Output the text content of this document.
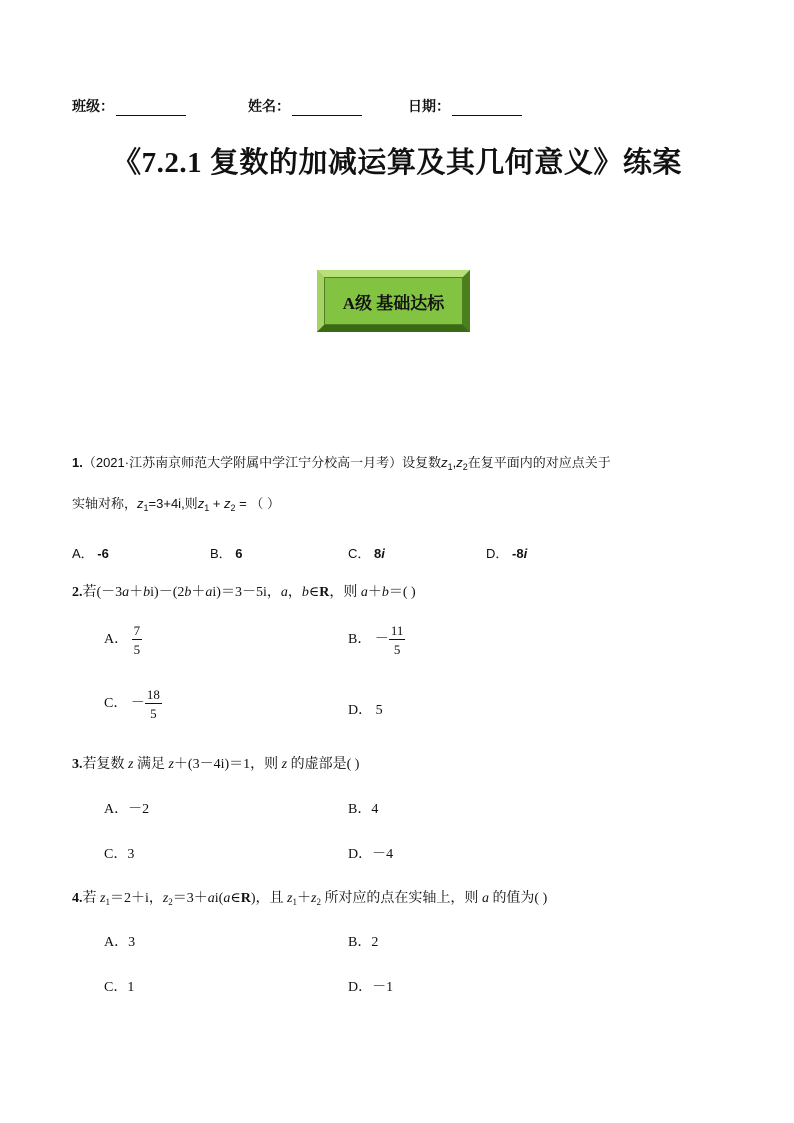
班级：	姓名：	日期：
《7.2.1 复数的加减运算及其几何意义》练案
A级 基础达标
1.（2021·江苏南京师范大学附属中学江宁分校高一月考）设复数$z_1,z_2$在复平面内的对应点关于
实轴对称，$z_1=3+4i$,则$z_1 + z_2$ = （ ）
A． -6	B． 6	C． 8i	D． -8i
2.若(－3a＋bi)－(2b＋ai)＝3－5i，a，b∈R，则 a＋b＝( )
A． $\frac{7}{5}$	B． － $\frac{11}{5}$
C． － $\frac{18}{5}$	D． 5
3.若复数 z 满足 z＋(3－4i)＝1，则 z 的虚部是( )
A．－2	B．4
C．3	D．－4
4.若 $z_1=2+i$，$z_2=3+ai(a\in R)$，且 $z_1+z_2$ 所对应的点在实轴上，则 a 的值为( )
A．3	B．2
C．1	D．－1
